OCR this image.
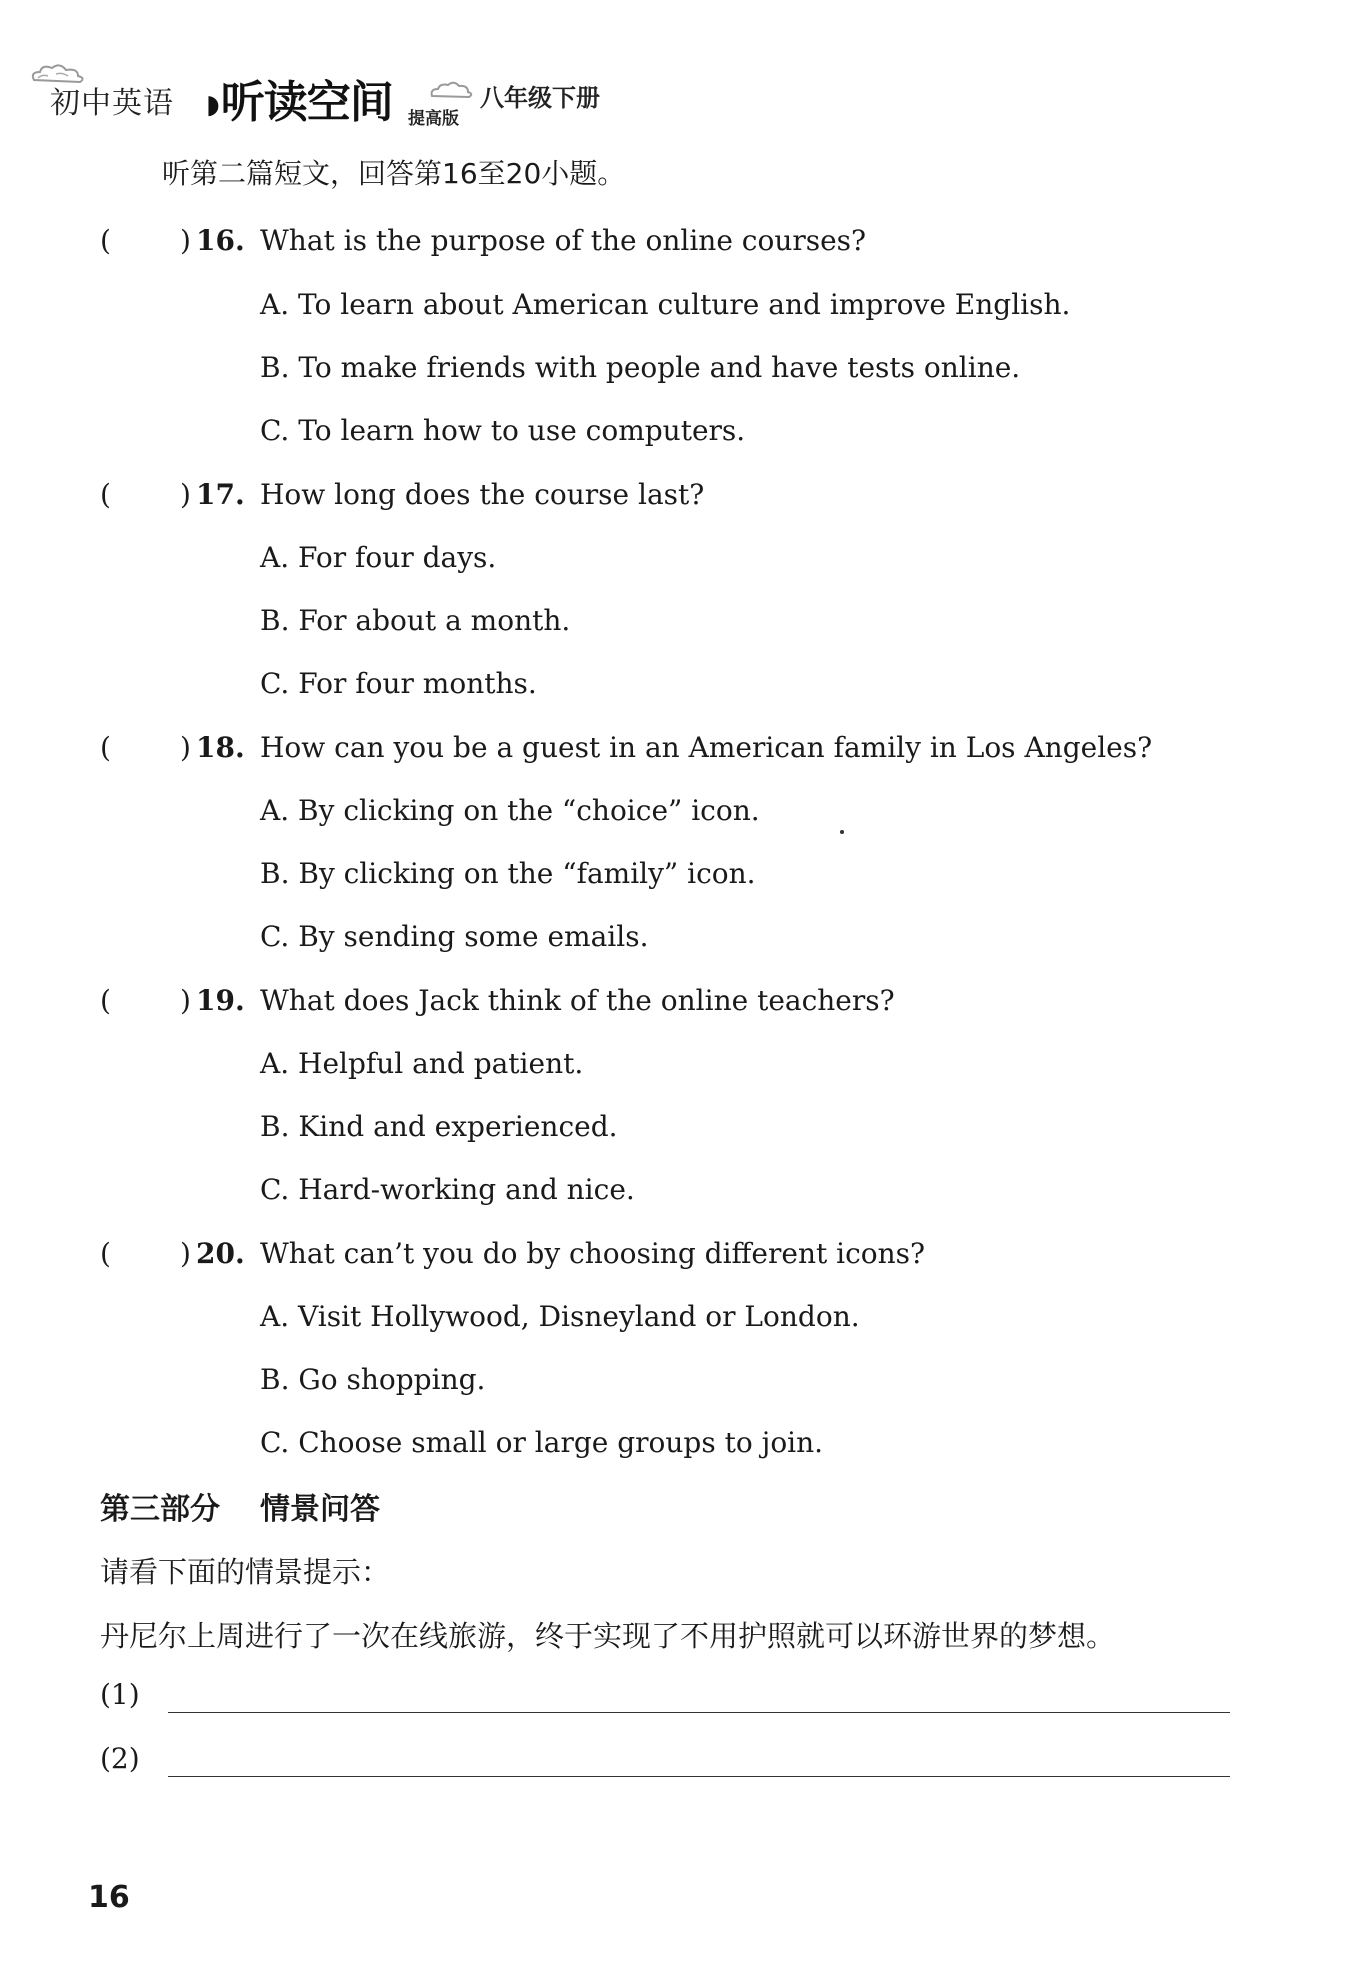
初中英语 ◗听读空间 提高版
八年级下册
听第二篇短文，回答第16至20小题。
( ) 16. What is the purpose of the online courses?
A. To learn about American culture and improve English.
B. To make friends with people and have tests online.
C. To learn how to use computers.
( ) 17. How long does the course last?
A. For four days.
B. For about a month.
C. For four months.
( ) 18. How can you be a guest in an American family in Los Angeles?
A. By clicking on the “choice” icon.
B. By clicking on the “family” icon.
C. By sending some emails.
( ) 19. What does Jack think of the online teachers?
A. Helpful and patient.
B. Kind and experienced.
C. Hard-working and nice.
( ) 20. What can’t you do by choosing different icons?
A. Visit Hollywood, Disneyland or London.
B. Go shopping.
C. Choose small or large groups to join.
第三部分 情景问答
请看下面的情景提示：
丹尼尔上周进行了一次在线旅游，终于实现了不用护照就可以环游世界的梦想。
(1)
(2)
16
